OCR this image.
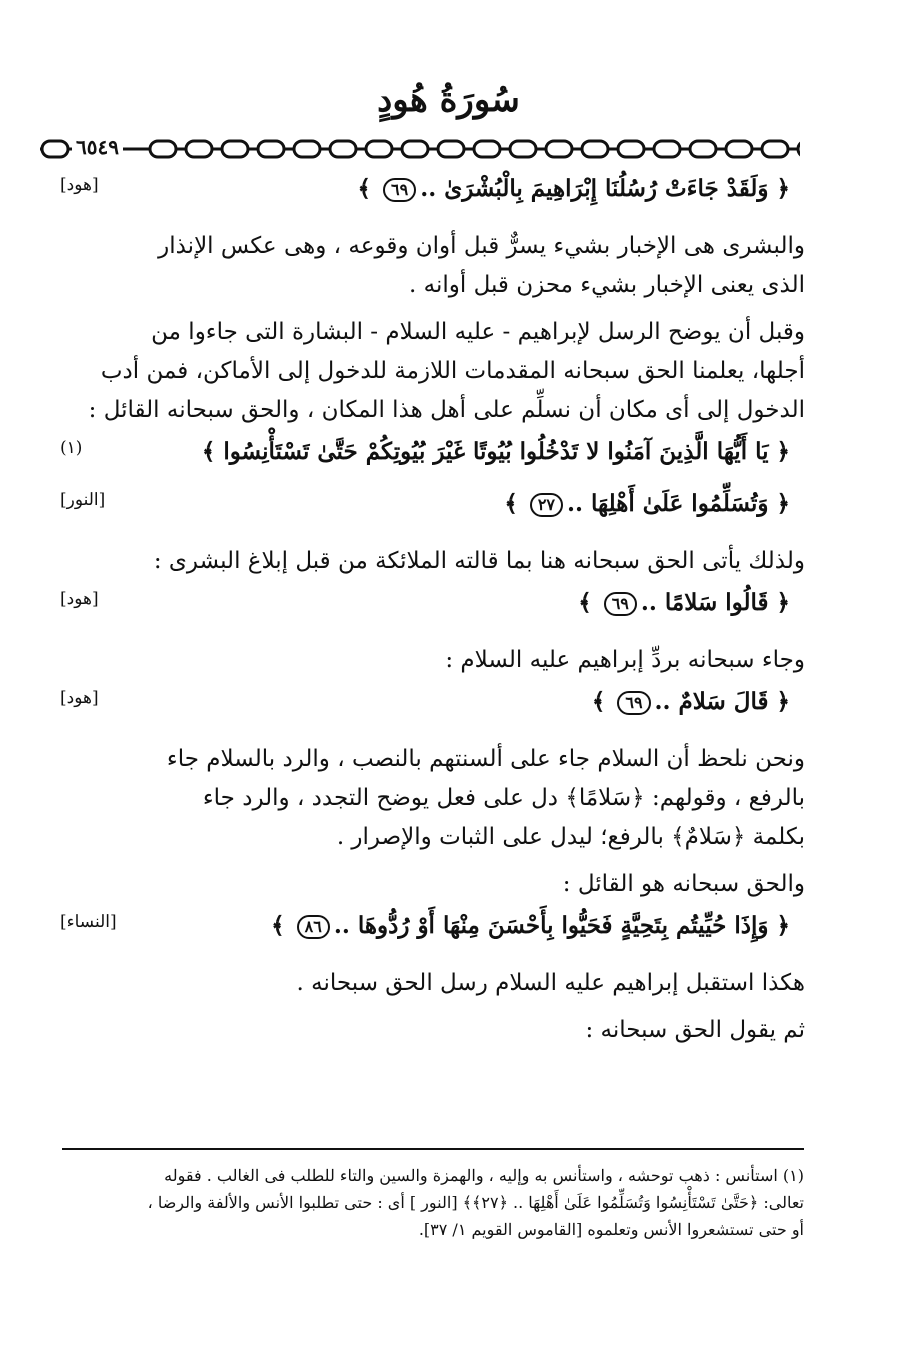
سُورَةُ هُودٍ
٦٥٤٩
﴿ وَلَقَدْ جَاءَتْ رُسُلُنَا إِبْرَاهِيمَ بِالْبُشْرَىٰ ..٦٩ ﴾
[هود]

والبشرى هى الإخبار بشيء يسرٌّ قبل أوان وقوعه ، وهى عكس الإنذار

الذى يعنى الإخبار بشيء محزن قبل أوانه .

وقبل أن يوضح الرسل لإبراهيم - عليه السلام - البشارة التى جاءوا من

أجلها، يعلمنا الحق سبحانه المقدمات اللازمة للدخول إلى الأماكن، فمن أدب

الدخول إلى أى مكان أن نسلِّم على أهل هذا المكان ، والحق سبحانه القائل :

﴿ يَا أَيُّهَا الَّذِينَ آمَنُوا لا تَدْخُلُوا بُيُوتًا غَيْرَ بُيُوتِكُمْ حَتَّىٰ تَسْتَأْنِسُوا ﴾
(١)
﴿ وَتُسَلِّمُوا عَلَىٰ أَهْلِهَا ..٢٧ ﴾
[النور]

ولذلك يأتى الحق سبحانه هنا بما قالته الملائكة من قبل إبلاغ البشرى :

﴿ قَالُوا سَلامًا ..٦٩ ﴾
[هود]

وجاء سبحانه بردِّ إبراهيم عليه السلام :

﴿ قَالَ سَلامٌ ..٦٩ ﴾
[هود]

ونحن نلحظ أن السلام جاء على ألسنتهم بالنصب ، والرد بالسلام جاء

بالرفع ، وقولهم: ﴿سَلامًا﴾ دل على فعل يوضح التجدد ، والرد جاء

بكلمة ﴿سَلامٌ﴾ بالرفع؛ ليدل على الثبات والإصرار .

والحق سبحانه هو القائل :

﴿ وَإِذَا حُيِّيتُم بِتَحِيَّةٍ فَحَيُّوا بِأَحْسَنَ مِنْهَا أَوْ رُدُّوهَا ..٨٦ ﴾
[النساء]

هكذا استقبل إبراهيم عليه السلام رسل الحق سبحانه .

ثم يقول الحق سبحانه :

(١) استأنس : ذهب توحشه ، واستأنس به وإليه ، والهمزة والسين والتاء للطلب فى الغالب . فقوله

تعالى: ﴿حَتَّىٰ تَسْتَأْنِسُوا وَتُسَلِّمُوا عَلَىٰ أَهْلِهَا .. ﴿٢٧﴾﴾ [النور ] أى : حتى تطلبوا الأنس والألفة والرضا ،

أو حتى تستشعروا الأنس وتعلموه [القاموس القويم ١/ ٣٧].
